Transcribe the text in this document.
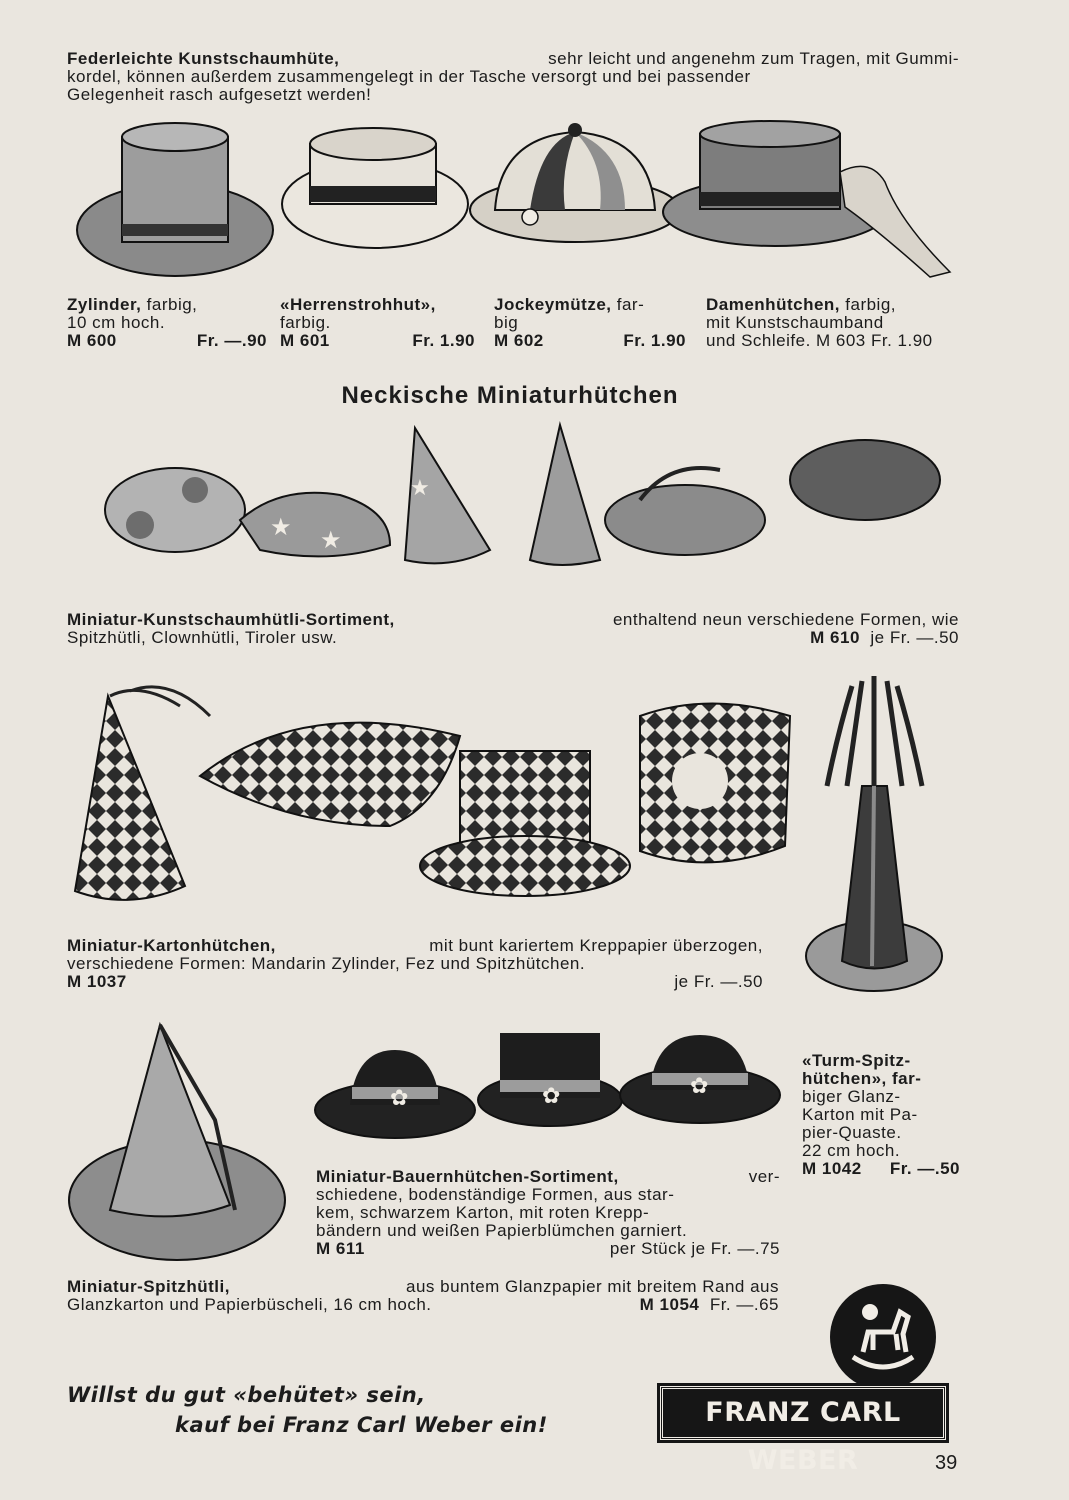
Federleichte Kunstschaumhüte,	sehr leicht und angenehm zum Tragen, mit Gummi-
kordel, können außerdem zusammengelegt in der Tasche versorgt und bei passender
Gelegenheit rasch aufgesetzt werden!
Zylinder, farbig,
10 cm hoch.
M 600	Fr. —.90
«Herrenstrohhut»,
farbig.
M 601	Fr. 1.90
Jockeymütze, far-
big
M 602	Fr. 1.90
Damenhütchen, farbig,
mit Kunstschaumband
und Schleife. M 603 Fr. 1.90
Neckische Miniaturhütchen
★ ★
★
Miniatur-Kunstschaumhütli-Sortiment,	enthaltend neun verschiedene Formen, wie
Spitzhütli, Clownhütli, Tiroler usw.	M 610 je Fr. —.50
Miniatur-Kartonhütchen,	mit bunt kariertem Kreppapier überzogen,
verschiedene Formen: Mandarin Zylinder, Fez und Spitzhütchen.
M 1037	je Fr. —.50
«Turm-Spitz-
hütchen», far-
biger Glanz-
Karton mit Pa-
pier-Quaste.
22 cm hoch.
M 1042 Fr. —.50
✿	✿	✿
Miniatur-Bauernhütchen-Sortiment,	ver-
schiedene, bodenständige Formen, aus star-
kem, schwarzem Karton, mit roten Krepp-
bändern und weißen Papierblümchen garniert.
M 611	per Stück je Fr. —.75
Miniatur-Spitzhütli,	aus buntem Glanzpapier mit breitem Rand aus
Glanzkarton und Papierbüscheli, 16 cm hoch.	M 1054 Fr. —.65
Willst du gut «behütet» sein,
kauf bei Franz Carl Weber ein!	FRANZ CARL WEBER	39
